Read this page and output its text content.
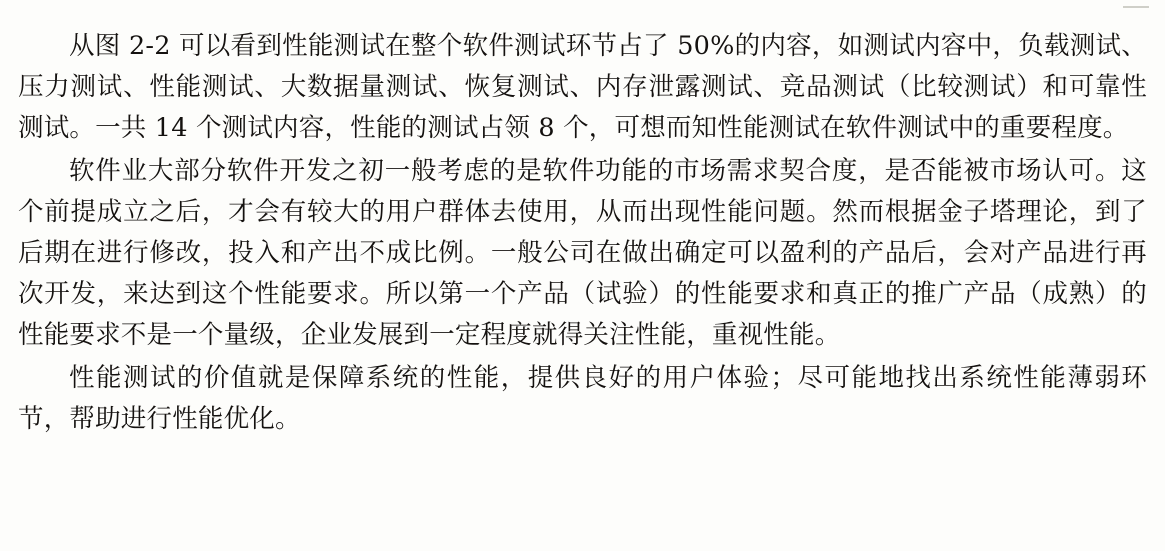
从图 2-2 可以看到性能测试在整个软件测试环节占了 50%的内容，如测试内容中，负载测试、压力测试、性能测试、大数据量测试、恢复测试、内存泄露测试、竞品测试（比较测试）和可靠性测试。一共 14 个测试内容，性能的测试占领 8 个，可想而知性能测试在软件测试中的重要程度。

软件业大部分软件开发之初一般考虑的是软件功能的市场需求契合度，是否能被市场认可。这个前提成立之后，才会有较大的用户群体去使用，从而出现性能问题。然而根据金子塔理论，到了后期在进行修改，投入和产出不成比例。一般公司在做出确定可以盈利的产品后，会对产品进行再次开发，来达到这个性能要求。所以第一个产品（试验）的性能要求和真正的推广产品（成熟）的性能要求不是一个量级，企业发展到一定程度就得关注性能，重视性能。

性能测试的价值就是保障系统的性能，提供良好的用户体验；尽可能地找出系统性能薄弱环节，帮助进行性能优化。
